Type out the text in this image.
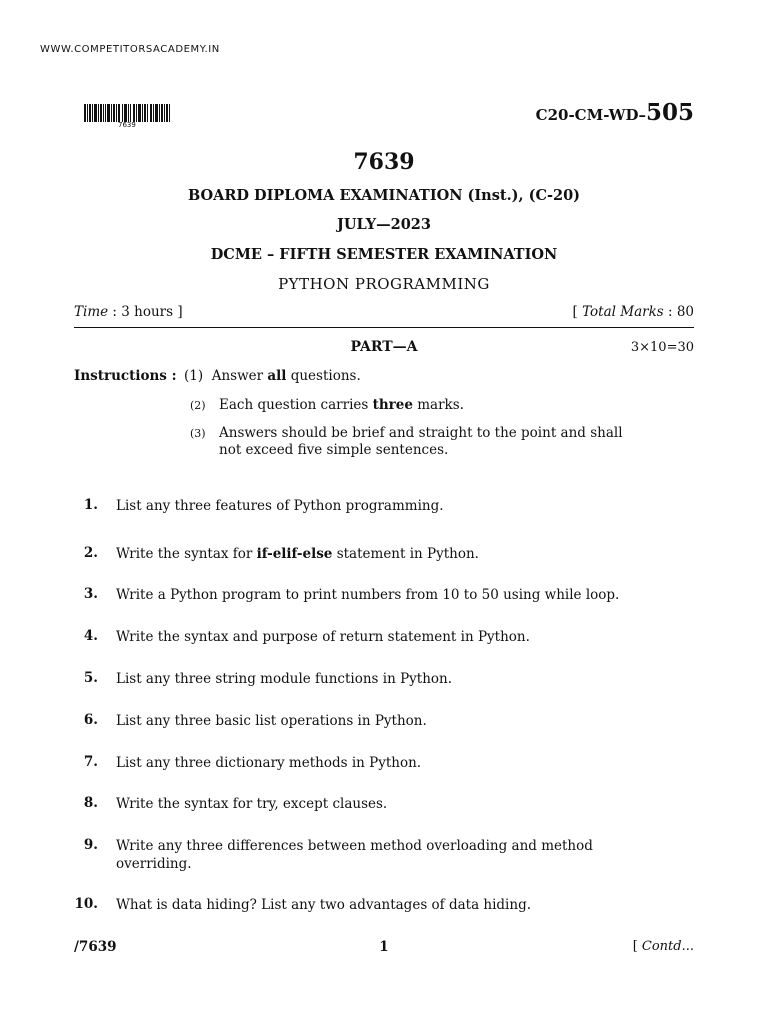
WWW.COMPETITORSACADEMY.IN
7639
C20-CM-WD–505
7639
BOARD DIPLOMA EXAMINATION (Inst.), (C-20)
JULY—2023
DCME – FIFTH SEMESTER EXAMINATION
PYTHON PROGRAMMING
Time : 3 hours ]	[ Total Marks : 80
PART—A	3×10=30
Instructions : (1) Answer all questions.
(2) Each question carries three marks.
(3) Answers should be brief and straight to the point and shall
not exceed five simple sentences.
1. List any three features of Python programming.
2. Write the syntax for if-elif-else statement in Python.
3. Write a Python program to print numbers from 10 to 50 using while loop.
4. Write the syntax and purpose of return statement in Python.
5. List any three string module functions in Python.
6. List any three basic list operations in Python.
7. List any three dictionary methods in Python.
8. Write the syntax for try, except clauses.
9. Write any three differences between method overloading and method
overriding.
10. What is data hiding? List any two advantages of data hiding.
/7639	1	[ Contd...
